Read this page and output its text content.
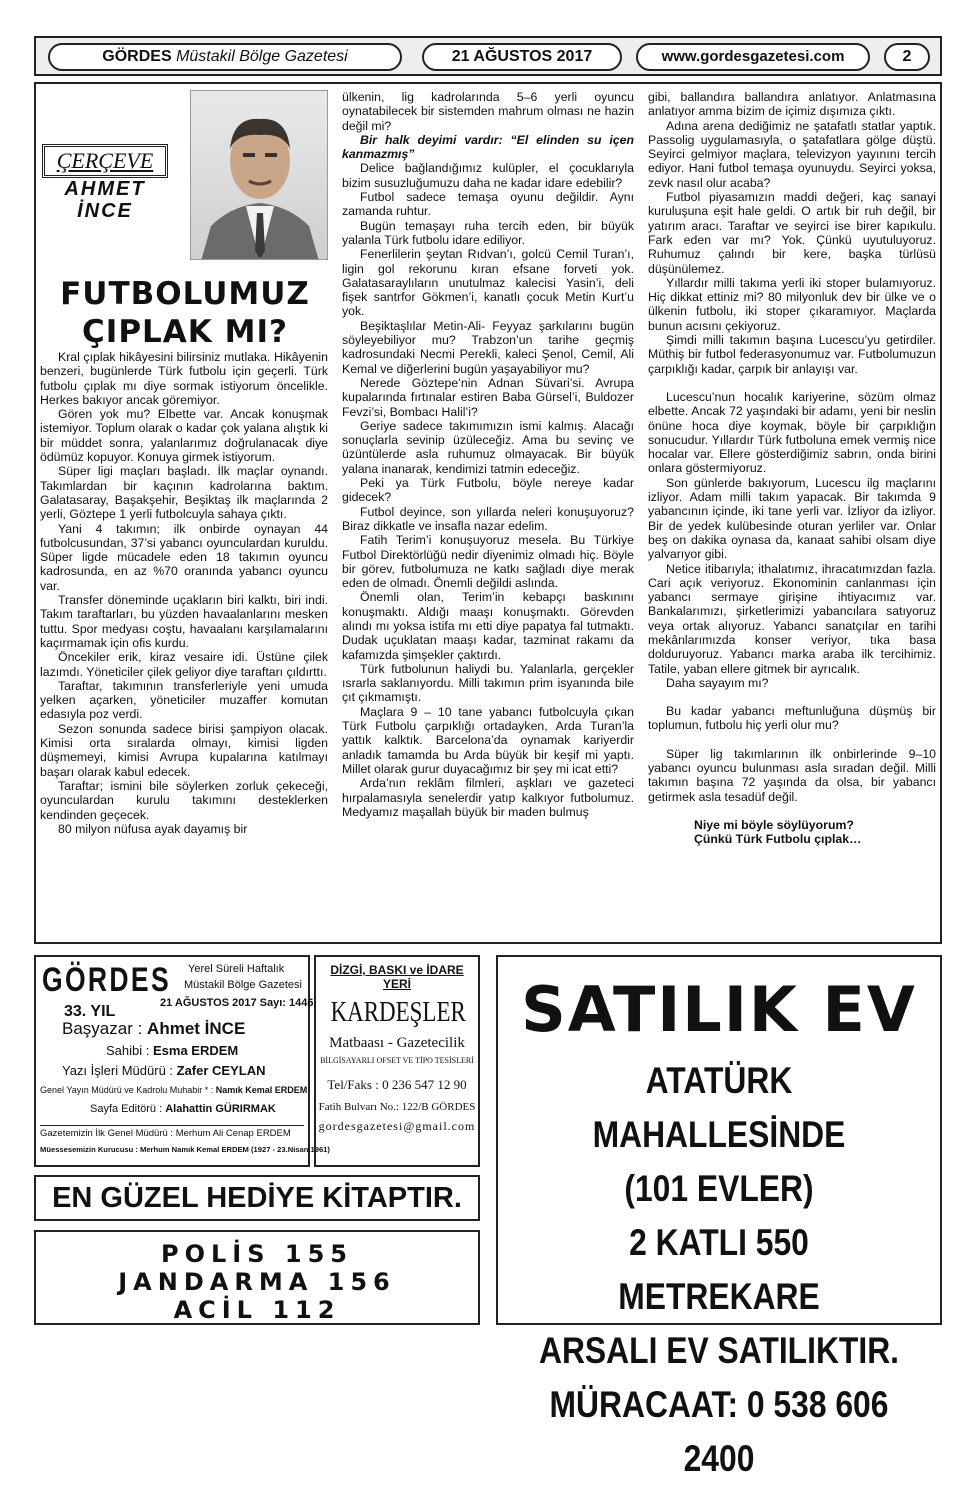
GÖRDES Müstakil Bölge Gazetesi	21 AĞUSTOS 2017	www.gordesgazetesi.com	2
ÇERÇEVE
AHMET
İNCE
FUTBOLUMUZ
ÇIPLAK MI?

Kral çıplak hikâyesini bilirsiniz mutlaka. Hikâyenin benzeri, bugünlerde Türk futbolu için geçerli. Türk futbolu çıplak mı diye sormak istiyorum öncelikle. Herkes bakıyor ancak göremiyor.

Gören yok mu? Elbette var. Ancak konuşmak istemiyor. Toplum olarak o kadar çok yalana alıştık ki bir müddet sonra, yalanlarımız doğrulanacak diye ödümüz kopuyor. Konuya girmek istiyorum.

Süper ligi maçları başladı. İlk maçlar oynandı. Takımlardan bir kaçının kadrolarına baktım. Galatasaray, Başakşehir, Beşiktaş ilk maçlarında 2 yerli, Göztepe 1 yerli futbolcuyla sahaya çıktı.

Yani 4 takımın; ilk onbirde oynayan 44 futbolcusundan, 37’si yabancı oyunculardan kuruldu. Süper ligde mücadele eden 18 takımın oyuncu kadrosunda, en az %70 oranında yabancı oyuncu var.

Transfer döneminde uçakların biri kalktı, biri indi. Takım taraftarları, bu yüzden havaalanlarını mesken tuttu. Spor medyası coştu, havaalanı karşılamalarını kaçırmamak için ofis kurdu.

Öncekiler erik, kiraz vesaire idi. Üstüne çilek lazımdı. Yöneticiler çilek geliyor diye taraftarı çıldırttı.

Taraftar, takımının transferleriyle yeni umuda yelken açarken, yöneticiler muzaffer komutan edasıyla poz verdi.

Sezon sonunda sadece birisi şampiyon olacak. Kimisi orta sıralarda olmayı, kimisi ligden düşmemeyi, kimisi Avrupa kupalarına katılmayı başarı olarak kabul edecek.

Taraftar; ismini bile söylerken zorluk çekeceği, oyunculardan kurulu takımını desteklerken kendinden geçecek.

80 milyon nüfusa ayak dayamış bir

ülkenin, lig kadrolarında 5–6 yerli oyuncu oynatabilecek bir sistemden mahrum olması ne hazin değil mi?

Bir halk deyimi vardır: “El elinden su içen kanmazmış”

Delice bağlandığımız kulüpler, el çocuklarıyla bizim susuzluğumuzu daha ne kadar idare edebilir?

Futbol sadece temaşa oyunu değildir. Aynı zamanda ruhtur.

Bugün temaşayı ruha tercih eden, bir büyük yalanla Türk futbolu idare ediliyor.

Fenerlilerin şeytan Rıdvan’ı, golcü Cemil Turan’ı, ligin gol rekorunu kıran efsane forveti yok. Galatasaraylıların unutulmaz kalecisi Yasin’i, deli fişek santrfor Gökmen’i, kanatlı çocuk Metin Kurt’u yok.

Beşiktaşlılar Metin-Ali- Feyyaz şarkılarını bugün söyleyebiliyor mu? Trabzon’un tarihe geçmiş kadrosundaki Necmi Perekli, kaleci Şenol, Cemil, Ali Kemal ve diğerlerini bugün yaşayabiliyor mu?

Nerede Göztepe’nin Adnan Süvari’si. Avrupa kupalarında fırtınalar estiren Baba Gürsel’i, Buldozer Fevzi’si, Bombacı Halil’i?

Geriye sadece takımımızın ismi kalmış. Alacağı sonuçlarla sevinip üzüleceğiz. Ama bu sevinç ve üzüntülerde asla ruhumuz olmayacak. Bir büyük yalana inanarak, kendimizi tatmin edeceğiz.

Peki ya Türk Futbolu, böyle nereye kadar gidecek?

Futbol deyince, son yıllarda neleri konuşuyoruz? Biraz dikkatle ve insafla nazar edelim.

Fatih Terim’i konuşuyoruz mesela. Bu Türkiye Futbol Direktörlüğü nedir diyenimiz olmadı hiç. Böyle bir görev, futbolumuza ne katkı sağladı diye merak eden de olmadı. Önemli değildi aslında.

Önemli olan, Terim’in kebapçı baskınını konuşmaktı. Aldığı maaşı konuşmaktı. Görevden alındı mı yoksa istifa mı etti diye papatya fal tutmaktı. Dudak uçuklatan maaşı kadar, tazminat rakamı da kafamızda şimşekler çaktırdı.

Türk futbolunun haliydi bu. Yalanlarla, gerçekler ısrarla saklanıyordu. Milli takımın prim isyanında bile çıt çıkmamıştı.

Maçlara 9 – 10 tane yabancı futbolcuyla çıkan Türk Futbolu çarpıklığı ortadayken, Arda Turan’la yattık kalktık. Barcelona’da oynamak kariyerdir anladık tamamda bu Arda büyük bir keşif mi yaptı. Millet olarak gurur duyacağımız bir şey mi icat etti?

Arda’nın reklâm filmleri, aşkları ve gazeteci hırpalamasıyla senelerdir yatıp kalkıyor futbolumuz. Medyamız maşallah büyük bir maden bulmuş

gibi, ballandıra ballandıra anlatıyor. Anlatmasına anlatıyor amma bizim de içimiz dışımıza çıktı.

Adına arena dediğimiz ne şatafatlı statlar yaptık. Passolig uygulamasıyla, o şatafatlara gölge düştü. Seyirci gelmiyor maçlara, televizyon yayınını tercih ediyor. Hani futbol temaşa oyunuydu. Seyirci yoksa, zevk nasıl olur acaba?

Futbol piyasamızın maddi değeri, kaç sanayi kuruluşuna eşit hale geldi. O artık bir ruh değil, bir yatırım aracı. Taraftar ve seyirci ise birer kapıkulu. Fark eden var mı? Yok. Çünkü uyutuluyoruz. Ruhumuz çalındı bir kere, başka türlüsü düşünülemez.

Yıllardır milli takıma yerli iki stoper bulamıyoruz. Hiç dikkat ettiniz mi? 80 milyonluk dev bir ülke ve o ülkenin futbolu, iki stoper çıkaramıyor. Maçlarda bunun acısını çekiyoruz.

Şimdi milli takımın başına Lucescu’yu getirdiler. Müthiş bir futbol federasyonumuz var. Futbolumuzun çarpıklığı kadar, çarpık bir anlayışı var.

Lucescu’nun hocalık kariyerine, sözüm olmaz elbette. Ancak 72 yaşındaki bir adamı, yeni bir neslin önüne hoca diye koymak, böyle bir çarpıklığın sonucudur. Yıllardır Türk futboluna emek vermiş nice hocalar var. Ellere gösterdiğimiz sabrın, onda birini onlara göstermiyoruz.

Son günlerde bakıyorum, Lucescu ilg maçlarını izliyor. Adam milli takım yapacak. Bir takımda 9 yabancının içinde, iki tane yerli var. İzliyor da izliyor. Bir de yedek kulübesinde oturan yerliler var. Onlar beş on dakika oynasa da, kanaat sahibi olsam diye yalvarıyor gibi.

Netice itibarıyla; ithalatımız, ihracatımızdan fazla. Cari açık veriyoruz. Ekonominin canlanması için yabancı sermaye girişine ihtiyacımız var. Bankalarımızı, şirketlerimizi yabancılara satıyoruz veya ortak alıyoruz. Yabancı sanatçılar en tarihi mekânlarımızda konser veriyor, tıka basa dolduruyoruz. Yabancı marka araba ilk tercihimiz. Tatile, yaban ellere gitmek bir ayrıcalık.

Daha sayayım mı?

Bu kadar yabancı meftunluğuna düşmüş bir toplumun, futbolu hiç yerli olur mu?

Süper lig takımlarının ilk onbirlerinde 9–10 yabancı oyuncu bulunması asla sıradan değil. Milli takımın başına 72 yaşında da olsa, bir yabancı getirmek asla tesadüf değil.

Niye mi böyle söylüyorum?

Çünkü Türk Futbolu çıplak…

GÖRDES
33. YIL
Yerel Süreli Haftalık
Müstakil Bölge Gazetesi
21 AĞUSTOS 2017 Sayı: 1446
Başyazar : Ahmet İNCE
Sahibi : Esma ERDEM
Yazı İşleri Müdürü : Zafer CEYLAN
Genel Yayın Müdürü ve Kadrolu Muhabir * : Namık Kemal ERDEM
Sayfa Editörü : Alahattin GÜRIRMAK
Gazetemizin İlk Genel Müdürü : Merhum Ali Cenap ERDEM
Müessesemizin Kurucusu : Merhum Namık Kemal ERDEM (1927 - 23.Nisan.1961)
DİZGİ, BASKI ve İDARE YERİ
KARDEŞLER
Matbaası - Gazetecilik
BİLGİSAYARLI OFSET VE TİPO TESİSLERİ
Tel/Faks : 0 236 547 12 90
Fatih Bulvarı No.: 122/B GÖRDES
gordesgazetesi@gmail.com
EN GÜZEL HEDİYE KİTAPTIR.
POLİS 155
JANDARMA 156
ACİL 112
SATILIK EV
ATATÜRK MAHALLESİNDE
(101 EVLER)
2 KATLI 550 METREKARE
ARSALI EV SATILIKTIR.
MÜRACAAT: 0 538 606 2400
